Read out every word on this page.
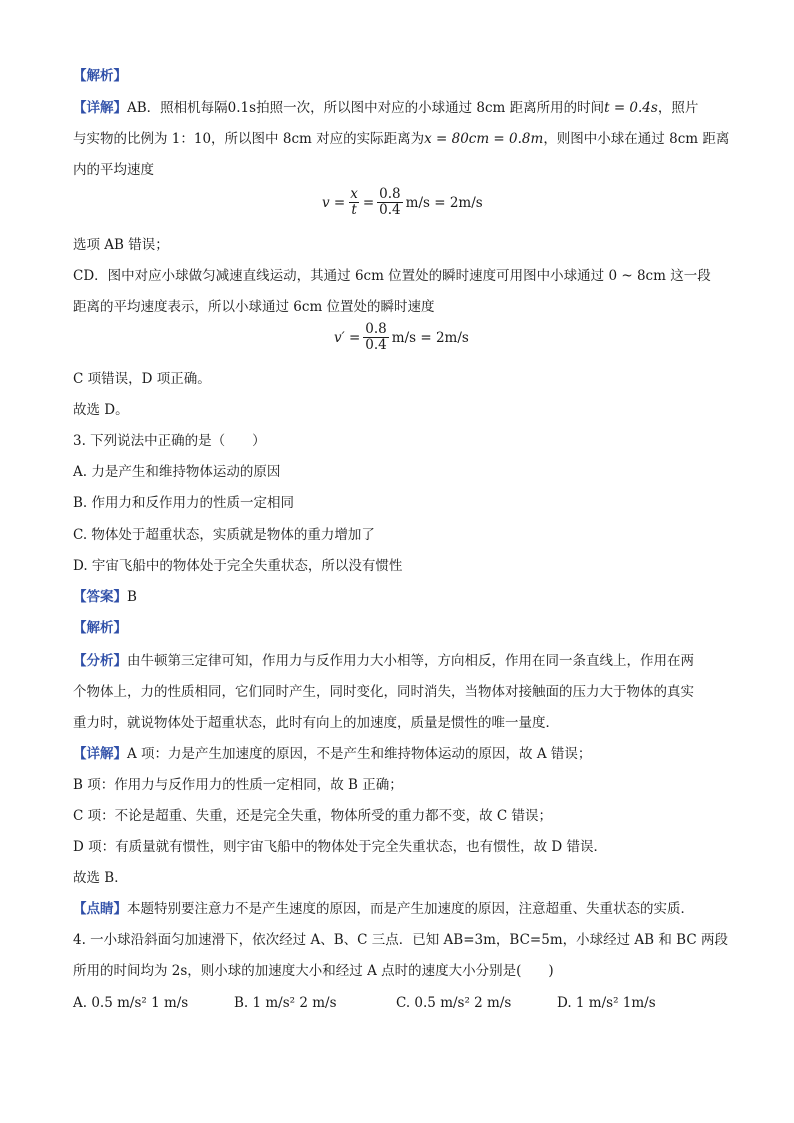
【解析】
【详解】AB．照相机每隔0.1s拍照一次，所以图中对应的小球通过 8cm 距离所用的时间t = 0.4s，照片
与实物的比例为 1：10，所以图中 8cm 对应的实际距离为x = 80cm = 0.8m，则图中小球在通过 8cm 距离
内的平均速度
$v = \frac{x}{t} = \frac{0.8}{0.4} m/s = 2m/s$
选项 AB 错误；
CD．图中对应小球做匀减速直线运动，其通过 6cm 位置处的瞬时速度可用图中小球通过 0 ~ 8cm 这一段
距离的平均速度表示，所以小球通过 6cm 位置处的瞬时速度
$v' = \frac{0.8}{0.4} m/s = 2m/s$
C 项错误，D 项正确。
故选 D。
3. 下列说法中正确的是（　　）
A. 力是产生和维持物体运动的原因
B. 作用力和反作用力的性质一定相同
C. 物体处于超重状态，实质就是物体的重力增加了
D. 宇宙飞船中的物体处于完全失重状态，所以没有惯性
【答案】B
【解析】
【分析】由牛顿第三定律可知，作用力与反作用力大小相等，方向相反，作用在同一条直线上，作用在两
个物体上，力的性质相同，它们同时产生，同时变化，同时消失，当物体对接触面的压力大于物体的真实
重力时，就说物体处于超重状态，此时有向上的加速度，质量是惯性的唯一量度．
【详解】A 项：力是产生加速度的原因，不是产生和维持物体运动的原因，故 A 错误；
B 项：作用力与反作用力的性质一定相同，故 B 正确；
C 项：不论是超重、失重，还是完全失重，物体所受的重力都不变，故 C 错误；
D 项：有质量就有惯性，则宇宙飞船中的物体处于完全失重状态，也有惯性，故 D 错误．
故选 B．
【点睛】本题特别要注意力不是产生速度的原因，而是产生加速度的原因，注意超重、失重状态的实质．
4. 一小球沿斜面匀加速滑下，依次经过 A、B、C 三点．已知 AB=3m，BC=5m，小球经过 AB 和 BC 两段
所用的时间均为 2s，则小球的加速度大小和经过 A 点时的速度大小分别是(　　)
A. 0.5 m/s² 1 m/s	B. 1 m/s² 2 m/s	C. 0.5 m/s² 2 m/s	D. 1 m/s² 1m/s
